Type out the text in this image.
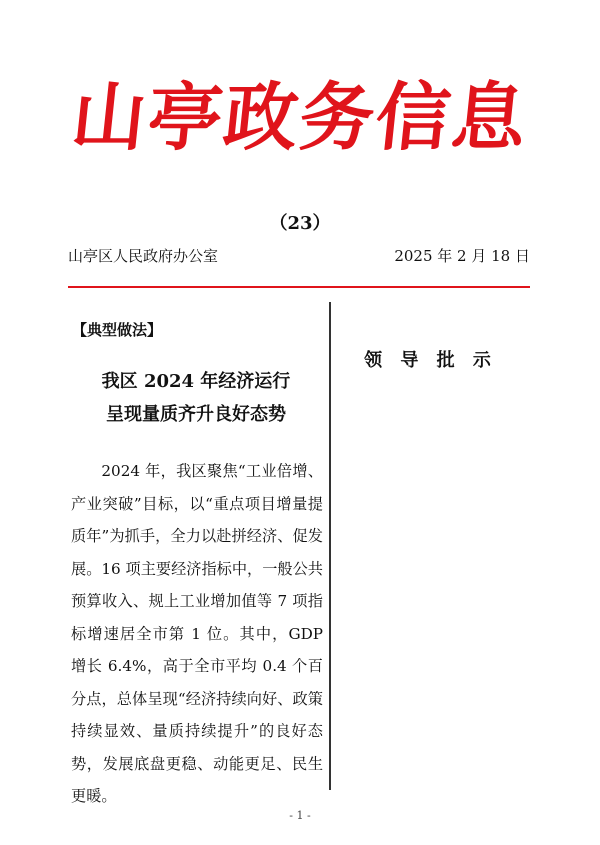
山亭政务信息
（23）
山亭区人民政府办公室	2025 年 2 月 18 日
【典型做法】
我区 2024 年经济运行
呈现量质齐升良好态势

2024 年，我区聚焦“工业倍增、产业突破”目标，以“重点项目增量提质年”为抓手，全力以赴拼经济、促发展。16 项主要经济指标中，一般公共预算收入、规上工业增加值等 7 项指标增速居全市第 1 位。其中，GDP 增长 6.4%，高于全市平均 0.4 个百分点，总体呈现“经济持续向好、政策持续显效、量质持续提升”的良好态势，发展底盘更稳、动能更足、民生更暖。

领 导 批 示
- 1 -
